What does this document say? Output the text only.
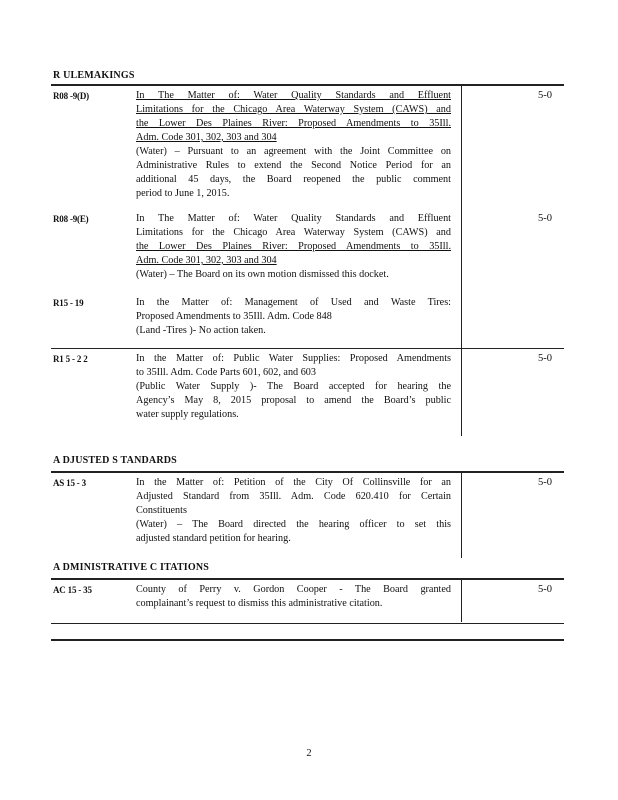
R ULEMAKINGS
R08 -9(D)	In The Matter of: Water Quality Standards and Effluent
Limitations for the Chicago Area Waterway System (CAWS) and
the Lower Des Plaines River: Proposed Amendments to 35Ill.
Adm. Code 301, 302, 303 and 304
(Water) – Pursuant to an agreement with the Joint Committee on
Administrative Rules to extend the Second Notice Period for an
additional 45 days, the Board reopened the public comment
period to June 1, 2015.
5-0
R08 -9(E)	In The Matter of: Water Quality Standards and Effluent
Limitations for the Chicago Area Waterway System (CAWS) and
the Lower Des Plaines River: Proposed Amendments to 35Ill.
Adm. Code 301, 302, 303 and 304
(Water) – The Board on its own motion dismissed this docket.
5-0
R15 - 19	In the Matter of: Management of Used and Waste Tires:
Proposed Amendments to 35Ill. Adm. Code 848
(Land -Tires )- No action taken.
R1 5 - 2 2	In the Matter of: Public Water Supplies: Proposed Amendments
to 35Ill. Adm. Code Parts 601, 602, and 603
(Public Water Supply )- The Board accepted for hearing the
Agency’s May 8, 2015 proposal to amend the Board’s public
water supply regulations.
5-0
A DJUSTED S TANDARDS
AS 15 - 3	In the Matter of: Petition of the City Of Collinsville for an
Adjusted Standard from 35Ill. Adm. Code 620.410 for Certain
Constituents
(Water) – The Board directed the hearing officer to set this
adjusted standard petition for hearing.
5-0
A DMINISTRATIVE C ITATIONS
AC 15 - 35	County of Perry v. Gordon Cooper - The Board granted
complainant’s request to dismiss this administrative citation.
5-0
2
